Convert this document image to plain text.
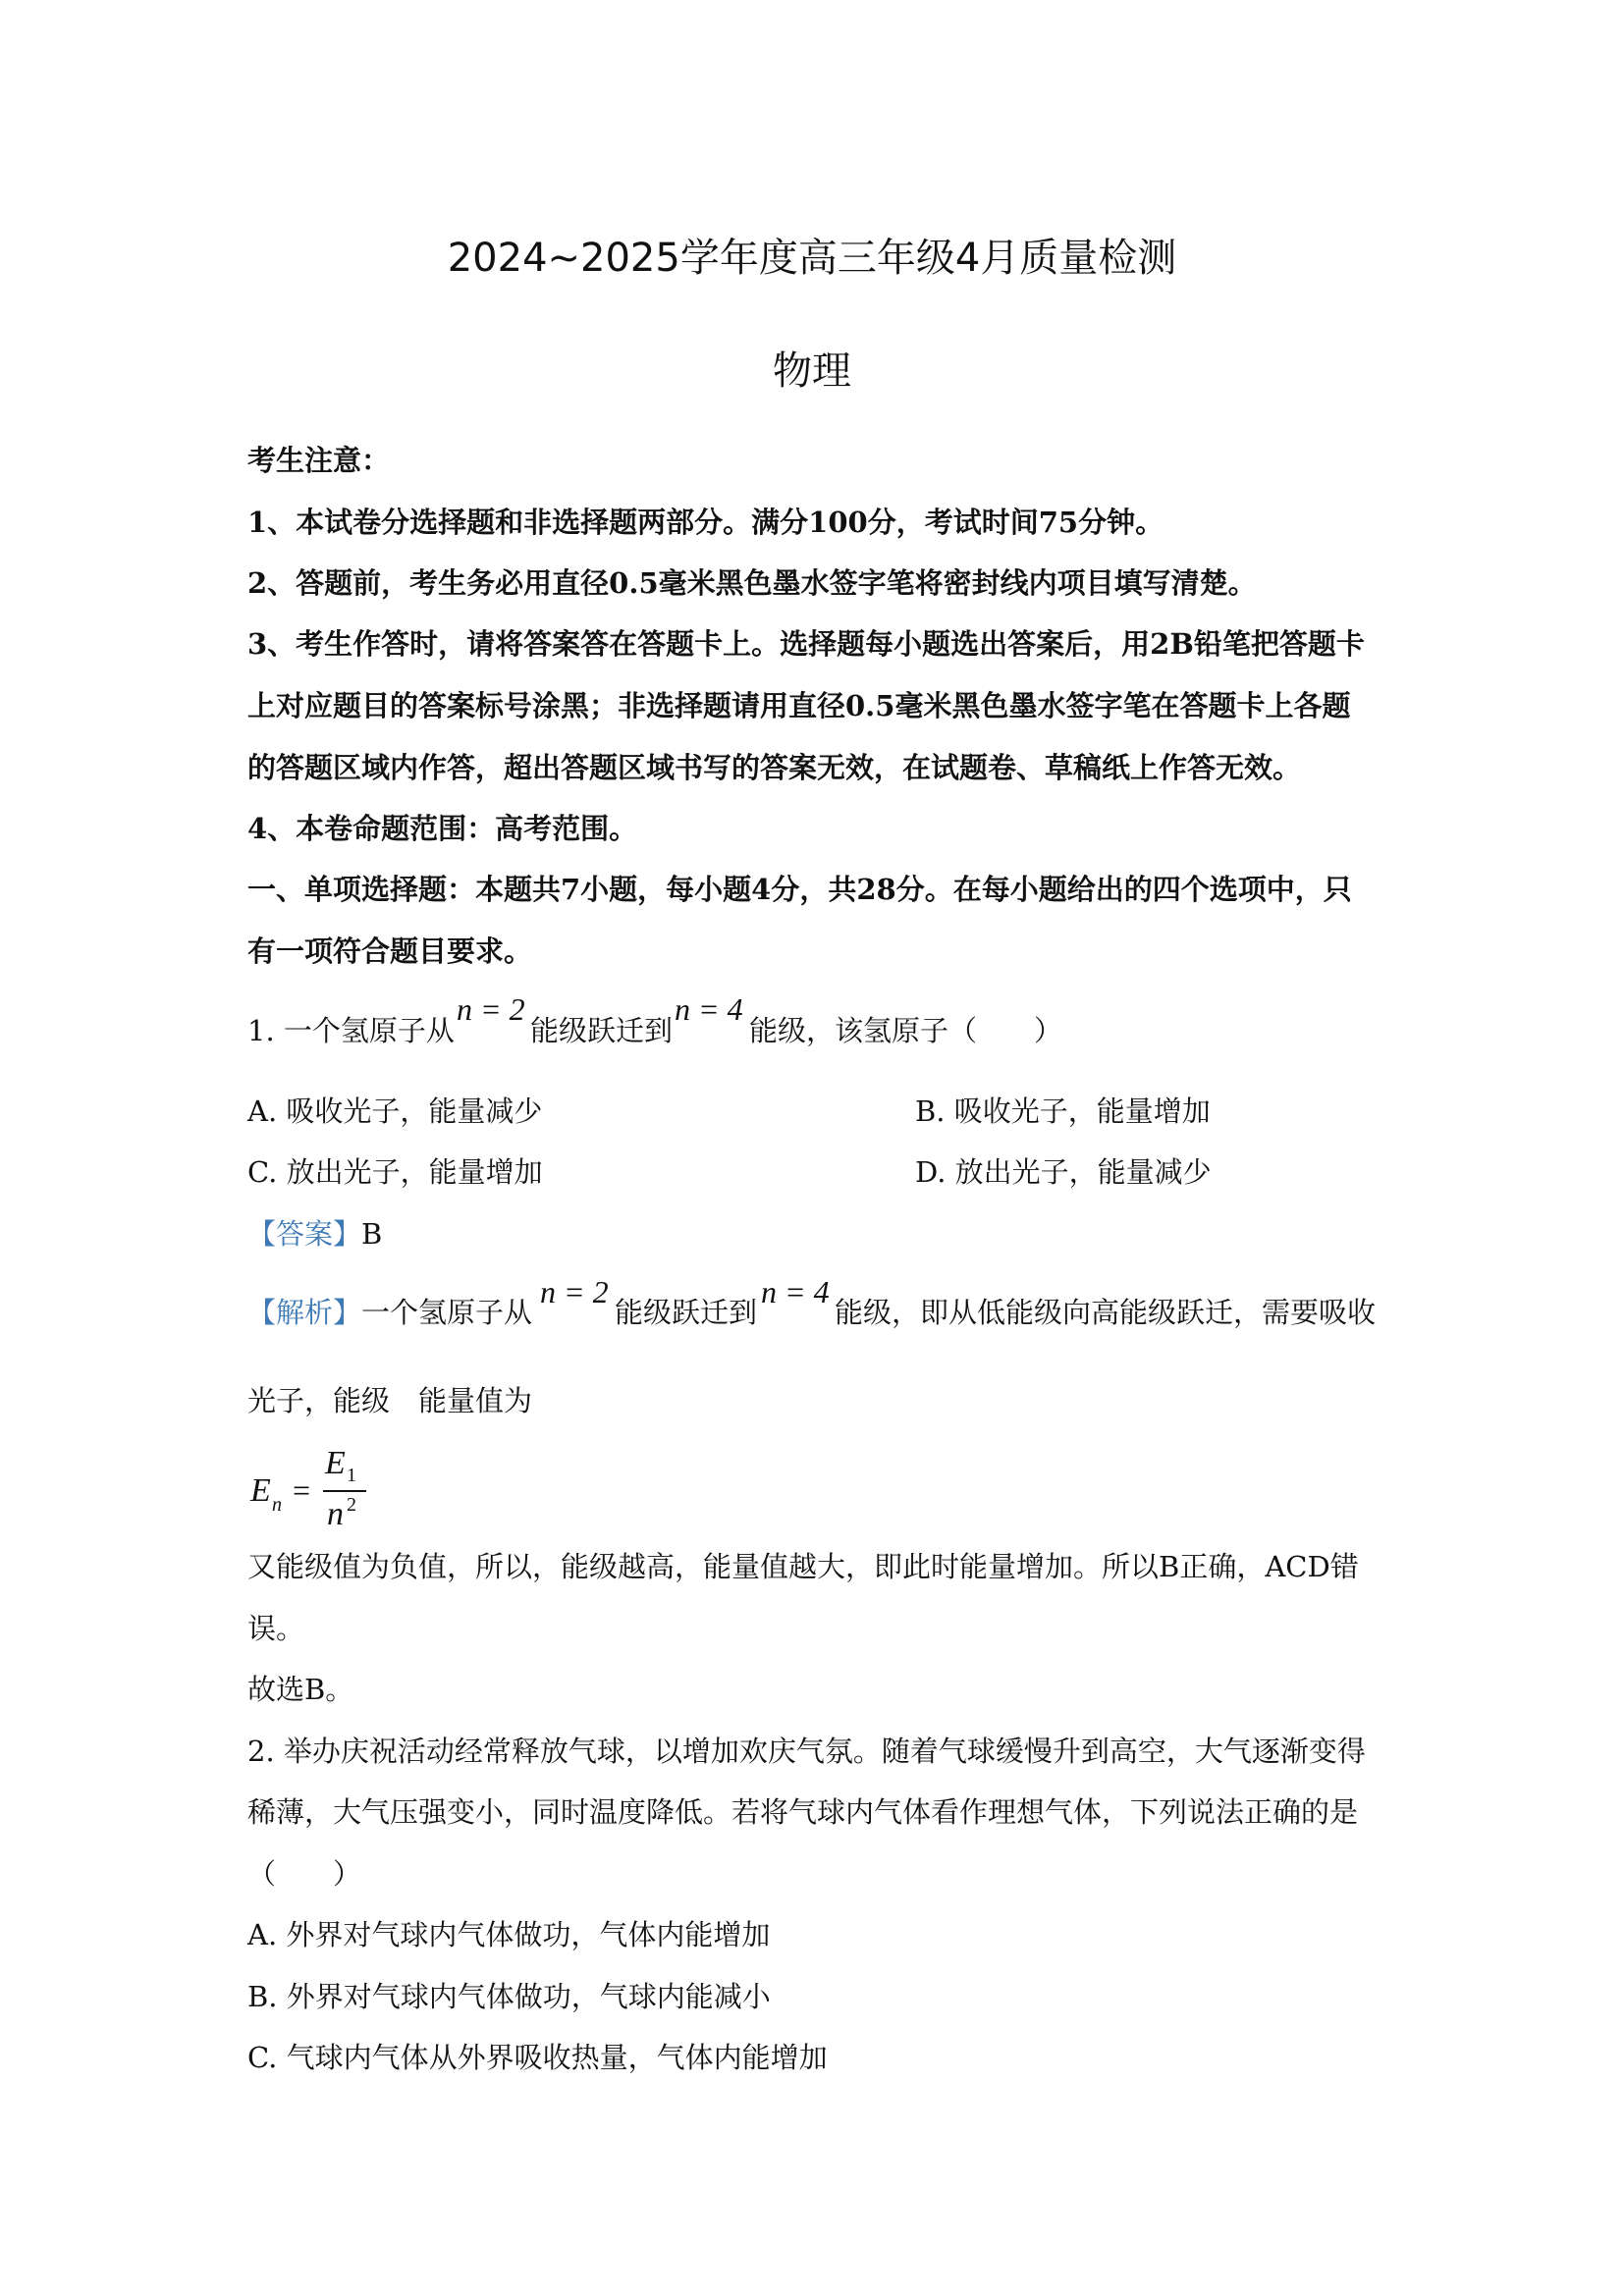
2024~2025学年度高三年级4月质量检测
物理
考生注意：
1、本试卷分选择题和非选择题两部分。满分100分，考试时间75分钟。
2、答题前，考生务必用直径0.5毫米黑色墨水签字笔将密封线内项目填写清楚。
3、考生作答时，请将答案答在答题卡上。选择题每小题选出答案后，用2B铅笔把答题卡
上对应题目的答案标号涂黑；非选择题请用直径0.5毫米黑色墨水签字笔在答题卡上各题
的答题区域内作答，超出答题区域书写的答案无效，在试题卷、草稿纸上作答无效。
4、本卷命题范围：高考范围。
一、单项选择题：本题共7小题，每小题4分，共28分。在每小题给出的四个选项中，只
有一项符合题目要求。
1. 一个氢原子从
n = 2
能级跃迁到
n = 4
能级，该氢原子（　　）
A. 吸收光子，能量减少	B. 吸收光子，能量增加
C. 放出光子，能量增加	D. 放出光子，能量减少
【答案】B
【解析】一个氢原子从
n = 2
能级跃迁到
n = 4
能级，即从低能级向高能级跃迁，需要吸收
光子，能级　能量值为
E n =
E 1
n 2
又能级值为负值，所以，能级越高，能量值越大，即此时能量增加。所以B正确，ACD错
误。
故选B。
2. 举办庆祝活动经常释放气球，以增加欢庆气氛。随着气球缓慢升到高空，大气逐渐变得
稀薄，大气压强变小，同时温度降低。若将气球内气体看作理想气体，下列说法正确的是
（　　）
A. 外界对气球内气体做功，气体内能增加
B. 外界对气球内气体做功，气球内能减小
C. 气球内气体从外界吸收热量，气体内能增加
